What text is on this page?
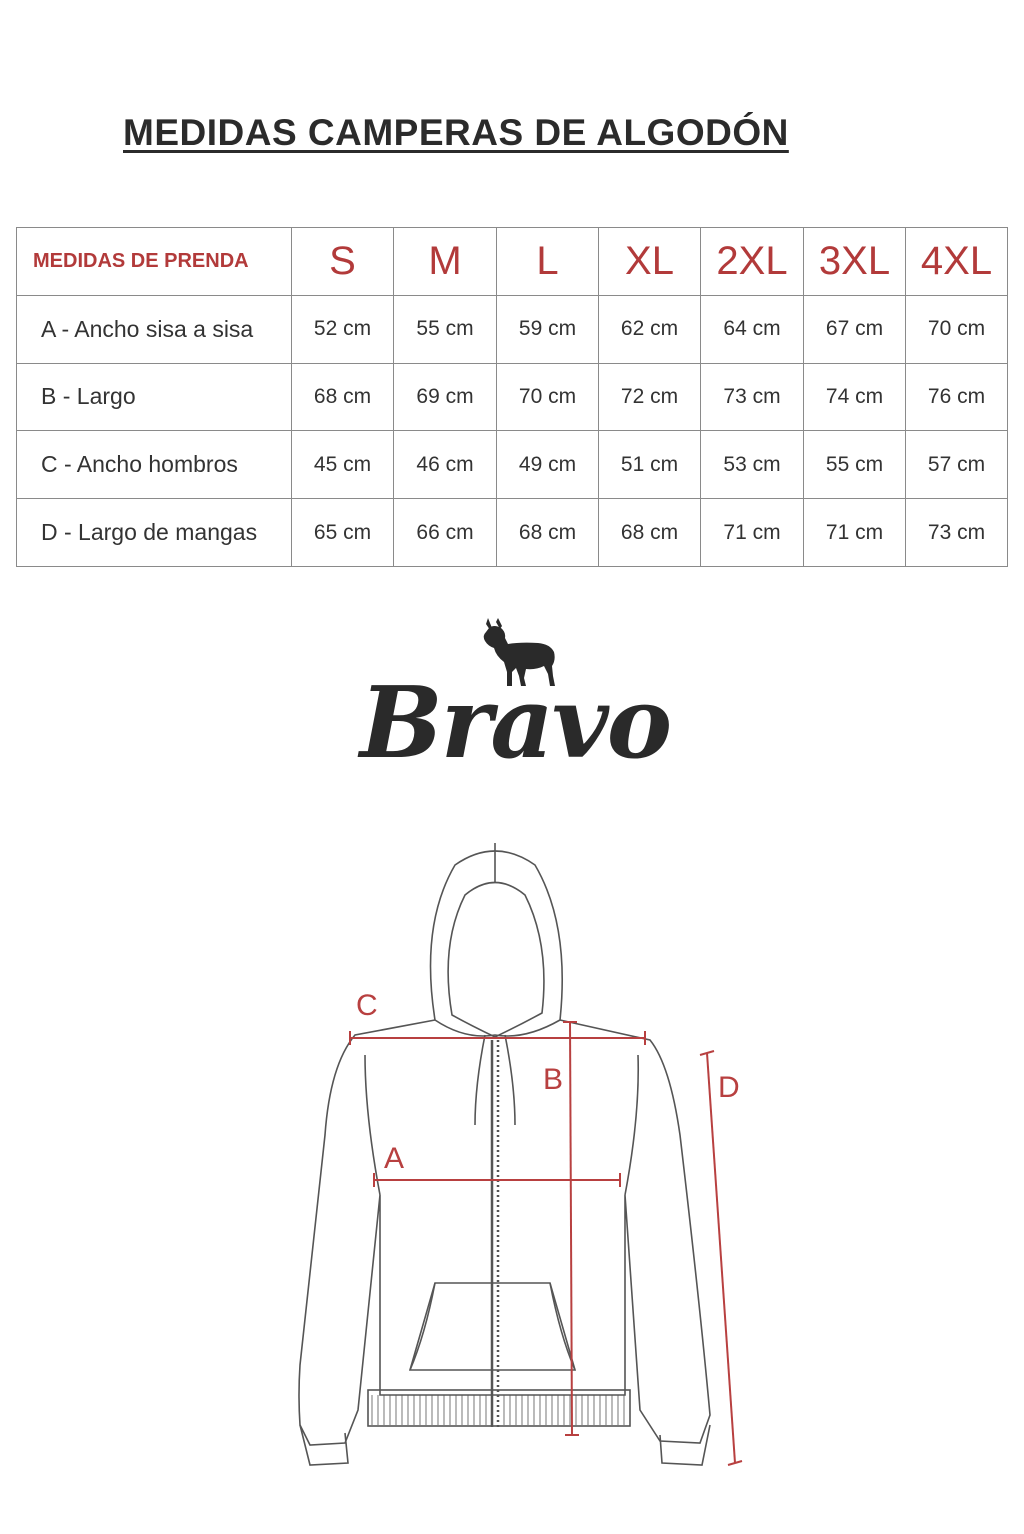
MEDIDAS CAMPERAS DE ALGODÓN
MEDIDAS DE PRENDA	S	M	L	XL	2XL	3XL	4XL
A - Ancho sisa a sisa	52 cm	55 cm	59 cm	62 cm	64 cm	67 cm	70 cm
B - Largo	68 cm	69 cm	70 cm	72 cm	73 cm	74 cm	76 cm
C - Ancho hombros	45 cm	46 cm	49 cm	51 cm	53 cm	55 cm	57 cm
D - Largo de mangas	65 cm	66 cm	68 cm	68 cm	71 cm	71 cm	73 cm
Bravo
C
A
B	D
